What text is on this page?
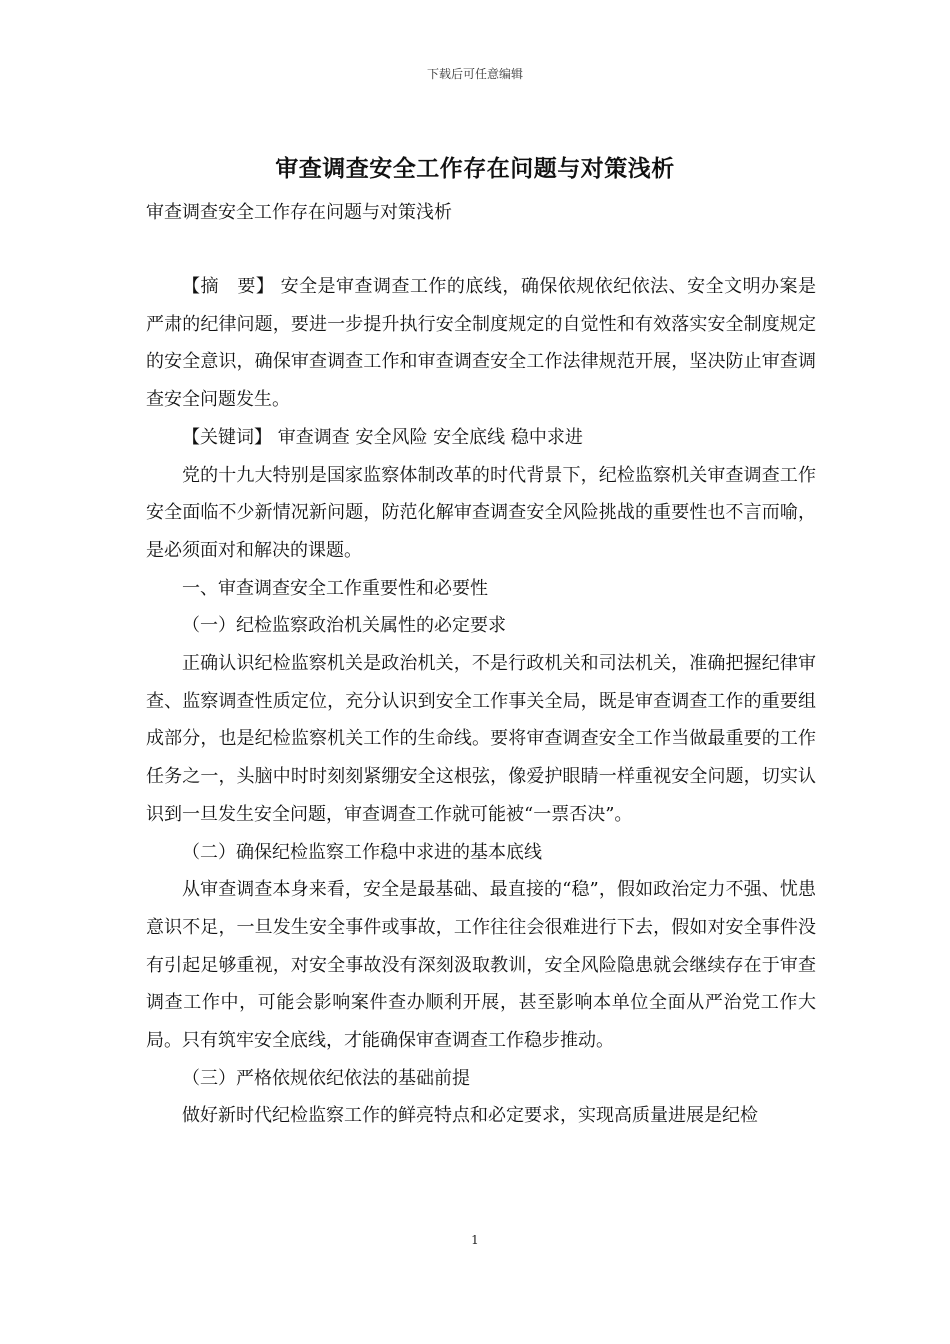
下载后可任意编辑
审查调查安全工作存在问题与对策浅析
审查调查安全工作存在问题与对策浅析

【摘　要】 安全是审查调查工作的底线，确保依规依纪依法、安全文明办案是严肃的纪律问题，要进一步提升执行安全制度规定的自觉性和有效落实安全制度规定的安全意识，确保审查调查工作和审查调查安全工作法律规范开展，坚决防止审查调查安全问题发生。

【关键词】 审查调查 安全风险 安全底线 稳中求进

党的十九大特别是国家监察体制改革的时代背景下，纪检监察机关审查调查工作安全面临不少新情况新问题，防范化解审查调查安全风险挑战的重要性也不言而喻，是必须面对和解决的课题。

一、审查调查安全工作重要性和必要性

（一）纪检监察政治机关属性的必定要求

正确认识纪检监察机关是政治机关，不是行政机关和司法机关，准确把握纪律审查、监察调查性质定位，充分认识到安全工作事关全局，既是审查调查工作的重要组成部分，也是纪检监察机关工作的生命线。要将审查调查安全工作当做最重要的工作任务之一，头脑中时时刻刻紧绷安全这根弦，像爱护眼睛一样重视安全问题，切实认识到一旦发生安全问题，审查调查工作就可能被“一票否决”。

（二）确保纪检监察工作稳中求进的基本底线

从审查调查本身来看，安全是最基础、最直接的“稳”，假如政治定力不强、忧患意识不足，一旦发生安全事件或事故，工作往往会很难进行下去，假如对安全事件没有引起足够重视，对安全事故没有深刻汲取教训，安全风险隐患就会继续存在于审查调查工作中，可能会影响案件查办顺利开展，甚至影响本单位全面从严治党工作大局。只有筑牢安全底线，才能确保审查调查工作稳步推动。

（三）严格依规依纪依法的基础前提

做好新时代纪检监察工作的鲜亮特点和必定要求，实现高质量进展是纪检

1
